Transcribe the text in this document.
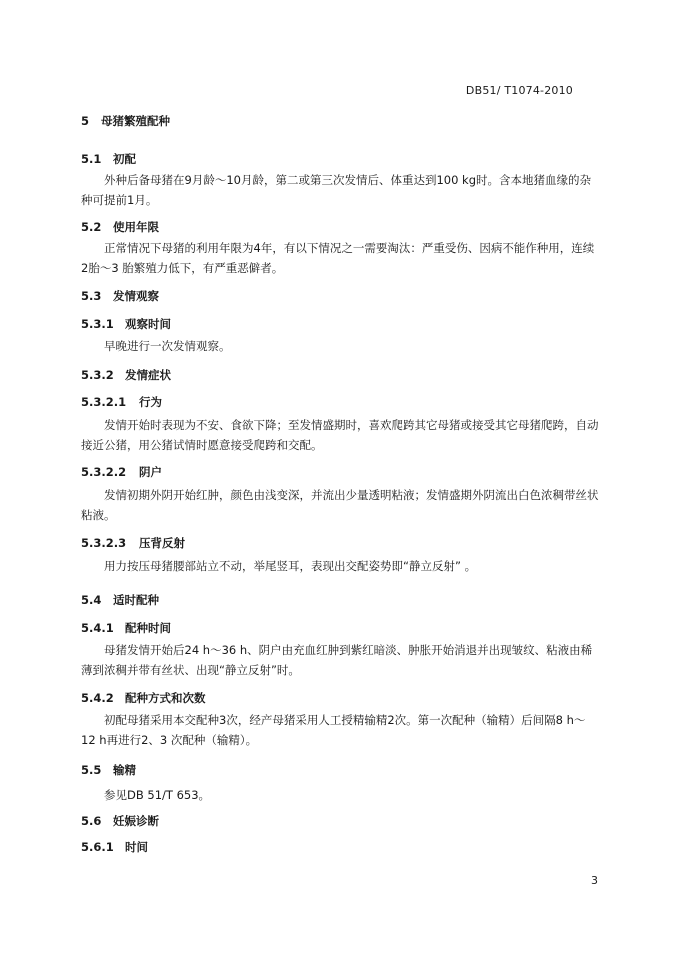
DB51/ T1074-2010
5 母猪繁殖配种
5.1 初配
外种后备母猪在9月龄～10月龄，第二或第三次发情后、体重达到100 kg时。含本地猪血缘的杂种可提前1月。
5.2 使用年限
正常情况下母猪的利用年限为4年，有以下情况之一需要淘汰：严重受伤、因病不能作种用，连续2胎～3 胎繁殖力低下，有严重恶僻者。
5.3 发情观察
5.3.1 观察时间
早晚进行一次发情观察。
5.3.2 发情症状
5.3.2.1 行为
发情开始时表现为不安、食欲下降；至发情盛期时，喜欢爬跨其它母猪或接受其它母猪爬跨，自动接近公猪，用公猪试情时愿意接受爬跨和交配。
5.3.2.2 阴户
发情初期外阴开始红肿，颜色由浅变深，并流出少量透明粘液；发情盛期外阴流出白色浓稠带丝状粘液。
5.3.2.3 压背反射
用力按压母猪腰部站立不动，举尾竖耳，表现出交配姿势即“静立反射” 。
5.4 适时配种
5.4.1 配种时间
母猪发情开始后24 h～36 h、阴户由充血红肿到紫红暗淡、肿胀开始消退并出现皱纹、粘液由稀薄到浓稠并带有丝状、出现“静立反射”时。
5.4.2 配种方式和次数
初配母猪采用本交配种3次，经产母猪采用人工授精输精2次。第一次配种（输精）后间隔8 h～12 h再进行2、3 次配种（输精）。
5.5 输精
参见DB 51/T 653。
5.6 妊娠诊断
5.6.1 时间
3
